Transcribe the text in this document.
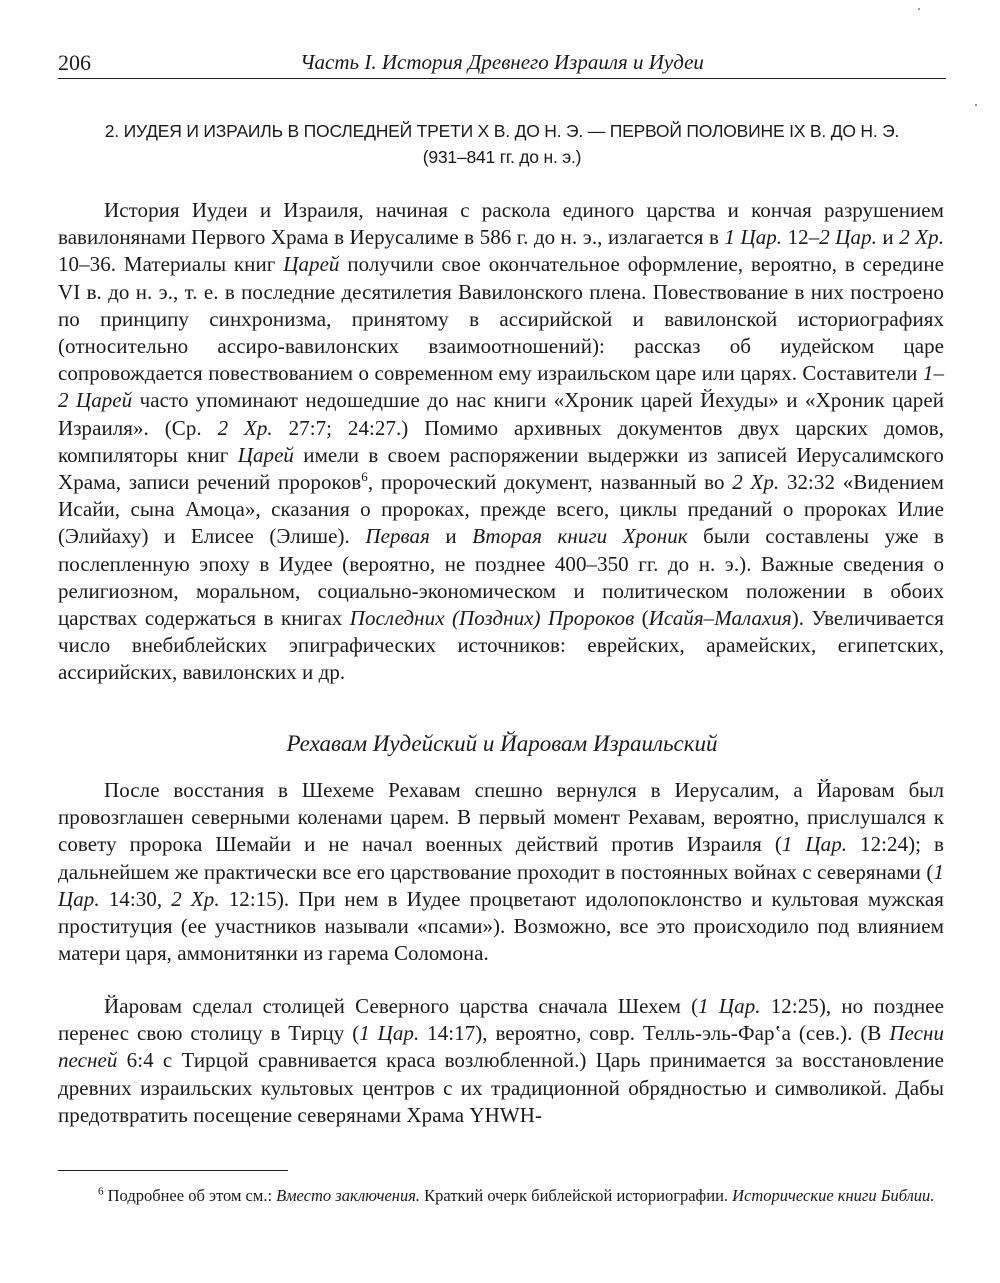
206	Часть I. История Древнего Израиля и Иудеи
2. ИУДЕЯ И ИЗРАИЛЬ В ПОСЛЕДНЕЙ ТРЕТИ X В. ДО Н. Э. — ПЕРВОЙ ПОЛОВИНЕ IX В. ДО Н. Э.
(931–841 гг. до н. э.)

История Иудеи и Израиля, начиная с раскола единого царства и кончая разрушением вавилонянами Первого Храма в Иерусалиме в 586 г. до н. э., излагается в 1 Цар. 12–2 Цар. и 2 Хр. 10–36. Материалы книг Царей получили свое окончательное оформление, вероятно, в середине VI в. до н. э., т. е. в последние десятилетия Вавилонского плена. Повествование в них построено по принципу синхронизма, принятому в ассирийской и вавилонской историографиях (относительно ассиро-вавилонских взаимоотношений): рассказ об иудейском царе сопровождается повествованием о современном ему израильском царе или царях. Составители 1–2 Царей часто упоминают недошедшие до нас книги «Хроник царей Йехуды» и «Хроник царей Израиля». (Ср. 2 Хр. 27:7; 24:27.) Помимо архивных документов двух царских домов, компиляторы книг Царей имели в своем распоряжении выдержки из записей Иерусалимского Храма, записи речений пророков$^6$, пророческий документ, названный во 2 Хр. 32:32 «Видением Исайи, сына Амоца», сказания о пророках, прежде всего, циклы преданий о пророках Илие (Элийаху) и Елисее (Элише). Первая и Вторая книги Хроник были составлены уже в послепленную эпоху в Иудее (вероятно, не позднее 400–350 гг. до н. э.). Важные сведения о религиозном, моральном, социально-экономическом и политическом положении в обоих царствах содержаться в книгах Последних (Поздних) Пророков (Исайя–Малахия). Увеличивается число внебиблейских эпиграфических источников: еврейских, арамейских, египетских, ассирийских, вавилонских и др.

Рехавам Иудейский и Йаровам Израильский

После восстания в Шехеме Рехавам спешно вернулся в Иерусалим, а Йаровам был провозглашен северными коленами царем. В первый момент Рехавам, вероятно, прислушался к совету пророка Шемайи и не начал военных действий против Израиля (1 Цар. 12:24); в дальнейшем же практически все его царствование проходит в постоянных войнах с северянами (1 Цар. 14:30, 2 Хр. 12:15). При нем в Иудее процветают идолопоклонство и культовая мужская проституция (ее участников называли «псами»). Возможно, все это происходило под влиянием матери царя, аммонитянки из гарема Соломона.

Йаровам сделал столицей Северного царства сначала Шехем (1 Цар. 12:25), но позднее перенес свою столицу в Тирцу (1 Цар. 14:17), вероятно, совр. Телль-эль-Фарʽа (сев.). (В Песни песней 6:4 с Тирцой сравнивается краса возлюбленной.) Царь принимается за восстановление древних израильских культовых центров с их традиционной обрядностью и символикой. Дабы предотвратить посещение северянами Храма YHWH-

$^6$ Подробнее об этом см.: Вместо заключения. Краткий очерк библейской историографии. Исторические книги Библии.
